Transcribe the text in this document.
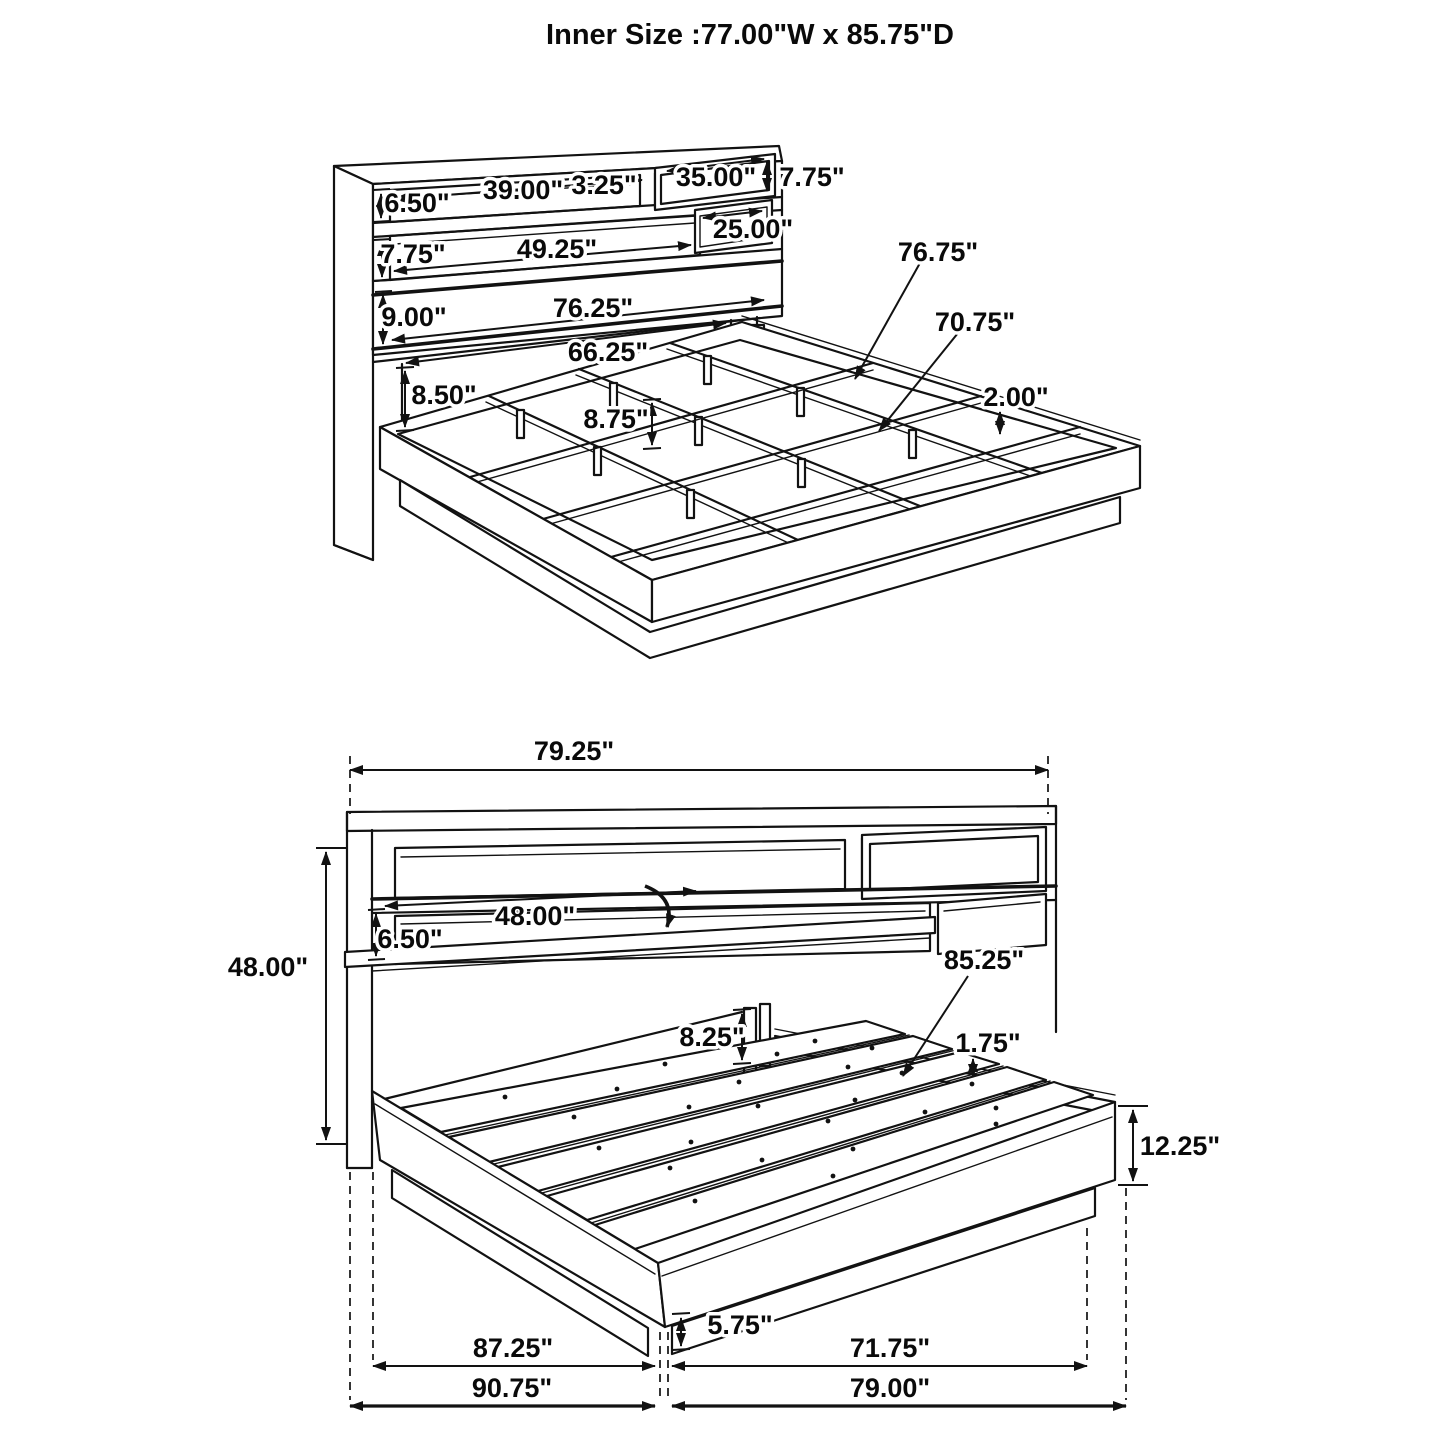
Inner Size :77.00"W x 85.75"D
6.50" 39.00" 3.25" 35.00" 7.75"
25.00"
7.75"	49.25"
9.00"	76.25"
66.25"
8.50"
8.75"
76.75"
70.75"
2.00"
79.25"
48.00"
48.00"
6.50"
8.25"
85.25"
1.75"
12.25"
5.75"
87.25"	71.75"
90.75"	79.00"
